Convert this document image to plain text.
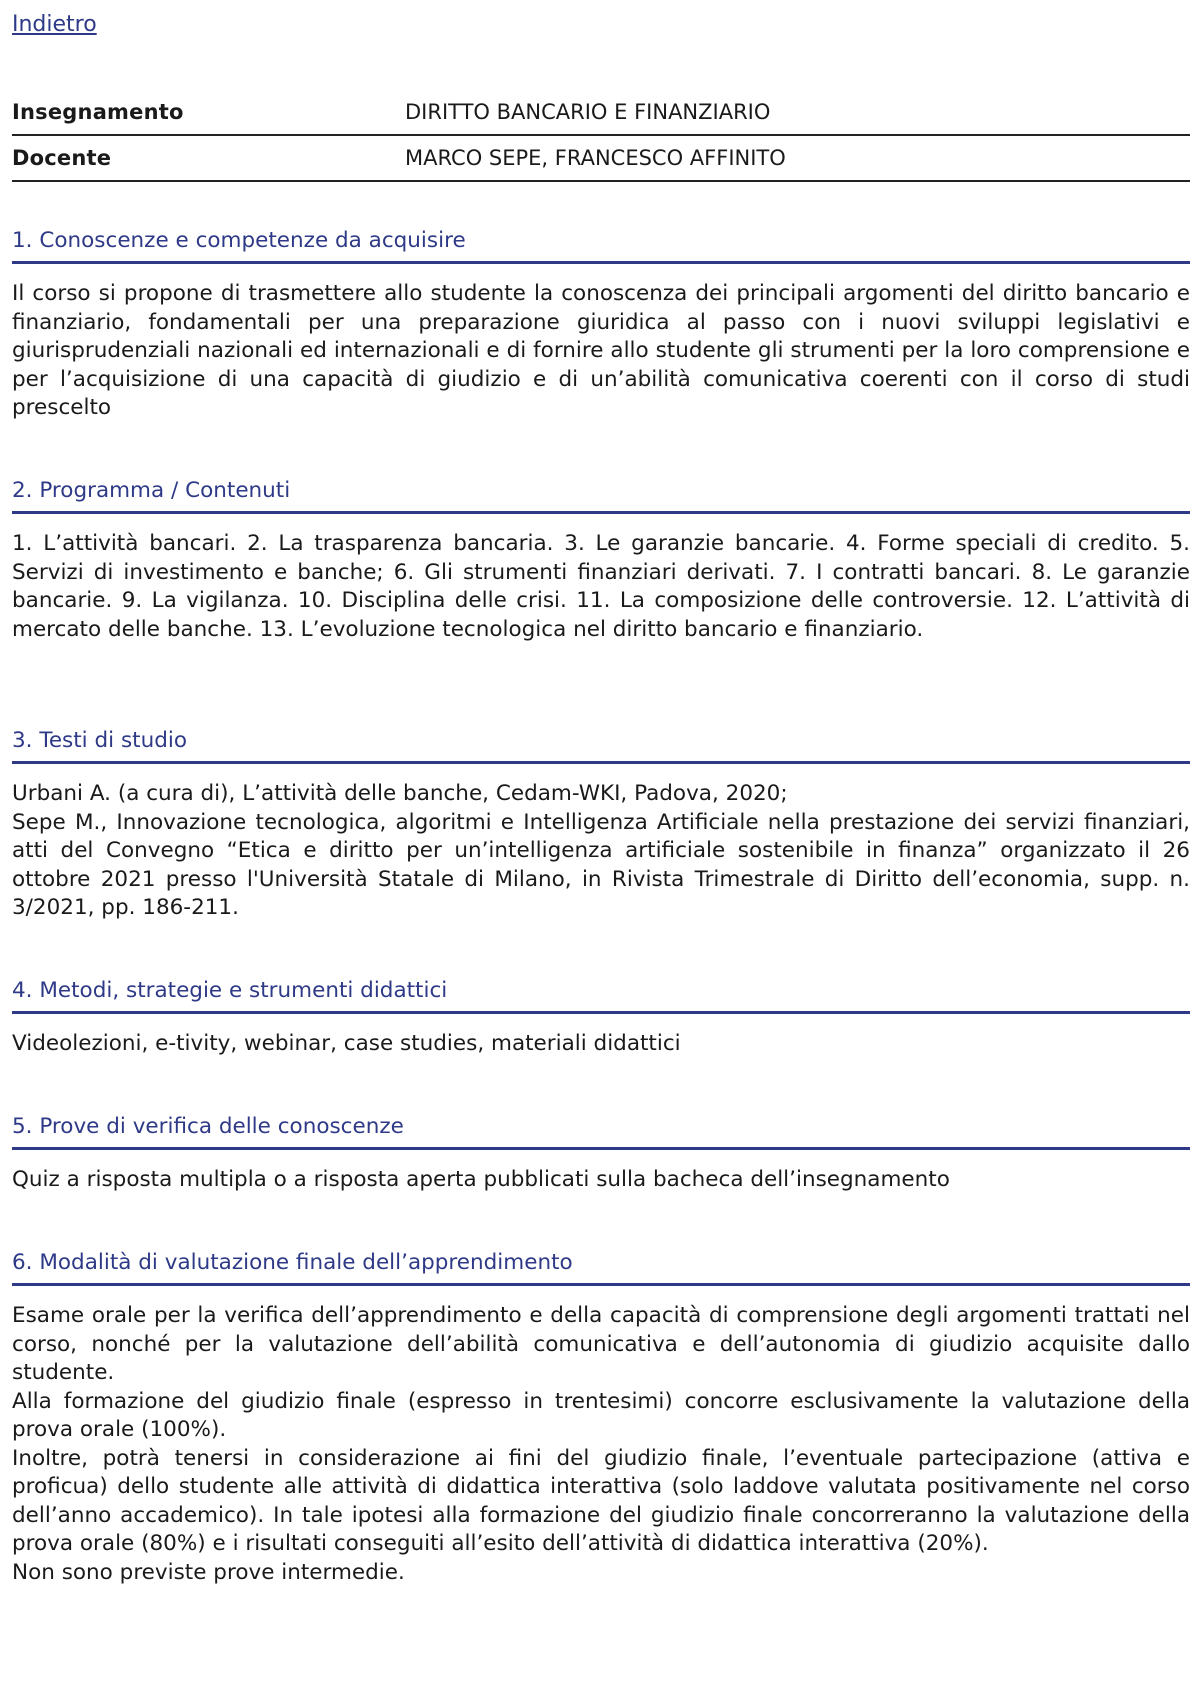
Indietro
Insegnamento	DIRITTO BANCARIO E FINANZIARIO
Docente	MARCO SEPE, FRANCESCO AFFINITO
1. Conoscenze e competenze da acquisire

Il corso si propone di trasmettere allo studente la conoscenza dei principali argomenti del diritto bancario e finanziario, fondamentali per una preparazione giuridica al passo con i nuovi sviluppi legislativi e giurisprudenziali nazionali ed internazionali e di fornire allo studente gli strumenti per la loro comprensione e per l’acquisizione di una capacità di giudizio e di un’abilità comunicativa coerenti con il corso di studi prescelto

2. Programma / Contenuti

1. L’attività bancari. 2. La trasparenza bancaria. 3. Le garanzie bancarie. 4. Forme speciali di credito. 5. Servizi di investimento e banche; 6. Gli strumenti finanziari derivati. 7. I contratti bancari. 8. Le garanzie bancarie. 9. La vigilanza. 10. Disciplina delle crisi. 11. La composizione delle controversie. 12. L’attività di mercato delle banche. 13. L’evoluzione tecnologica nel diritto bancario e finanziario.

3. Testi di studio

Urbani A. (a cura di), L’attività delle banche, Cedam-WKI, Padova, 2020;

Sepe M., Innovazione tecnologica, algoritmi e Intelligenza Artificiale nella prestazione dei servizi finanziari, atti del Convegno “Etica e diritto per un’intelligenza artificiale sostenibile in finanza” organizzato il 26 ottobre 2021 presso l'Università Statale di Milano, in Rivista Trimestrale di Diritto dell’economia, supp. n. 3/2021, pp. 186-211.

4. Metodi, strategie e strumenti didattici

Videolezioni, e-tivity, webinar, case studies, materiali didattici

5. Prove di verifica delle conoscenze

Quiz a risposta multipla o a risposta aperta pubblicati sulla bacheca dell’insegnamento

6. Modalità di valutazione finale dell’apprendimento

Esame orale per la verifica dell’apprendimento e della capacità di comprensione degli argomenti trattati nel corso, nonché per la valutazione dell’abilità comunicativa e dell’autonomia di giudizio acquisite dallo studente.

Alla formazione del giudizio finale (espresso in trentesimi) concorre esclusivamente la valutazione della prova orale (100%).

Inoltre, potrà tenersi in considerazione ai fini del giudizio finale, l’eventuale partecipazione (attiva e proficua) dello studente alle attività di didattica interattiva (solo laddove valutata positivamente nel corso dell’anno accademico). In tale ipotesi alla formazione del giudizio finale concorreranno la valutazione della prova orale (80%) e i risultati conseguiti all’esito dell’attività di didattica interattiva (20%).

Non sono previste prove intermedie.
